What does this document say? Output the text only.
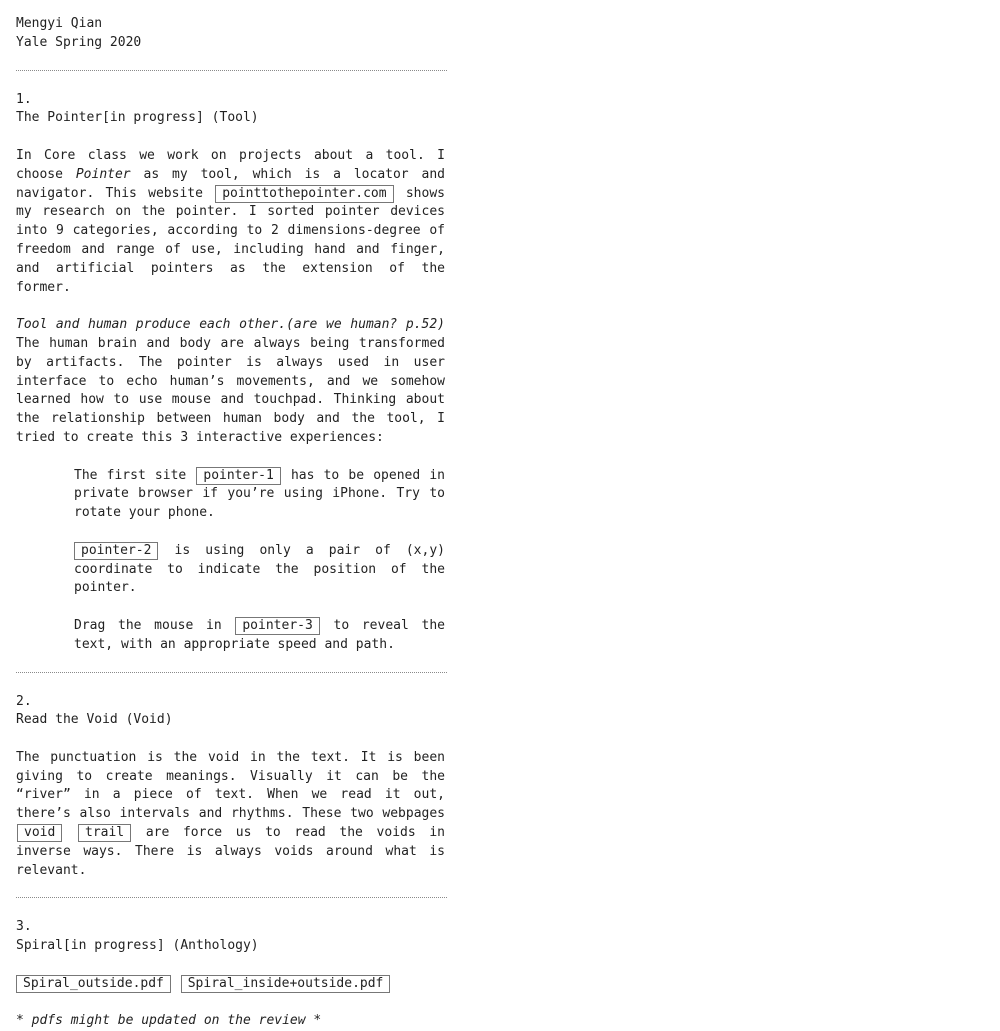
Mengyi Qian
Yale Spring 2020
1.
The Pointer[in progress] (Tool)

In Core class we work on projects about a tool. I choose Pointer as my tool, which is a locator and navigator. This website pointtothepointer.com shows my research on the pointer. I sorted pointer devices into 9 categories, according to 2 dimensions-degree of freedom and range of use, including hand and finger, and artificial pointers as the extension of the former.

Tool and human produce each other.(are we human? p.52) The human brain and body are always being transformed by artifacts. The pointer is always used in user interface to echo human’s movements, and we somehow learned how to use mouse and touchpad. Thinking about the relationship between human body and the tool, I tried to create this 3 interactive experiences:

The first site pointer-1 has to be opened in private browser if you’re using iPhone. Try to rotate your phone.

pointer-2 is using only a pair of (x,y) coordinate to indicate the position of the pointer.

Drag the mouse in pointer-3 to reveal the text, with an appropriate speed and path.

2.
Read the Void (Void)

The punctuation is the void in the text. It is been giving to create meanings. Visually it can be the “river” in a piece of text. When we read it out, there’s also intervals and rhythms. These two webpages void trail are force us to read the voids in inverse ways. There is always voids around what is relevant.

3.
Spiral[in progress] (Anthology)
Spiral_outside.pdf Spiral_inside+outside.pdf
* pdfs might be updated on the review *
